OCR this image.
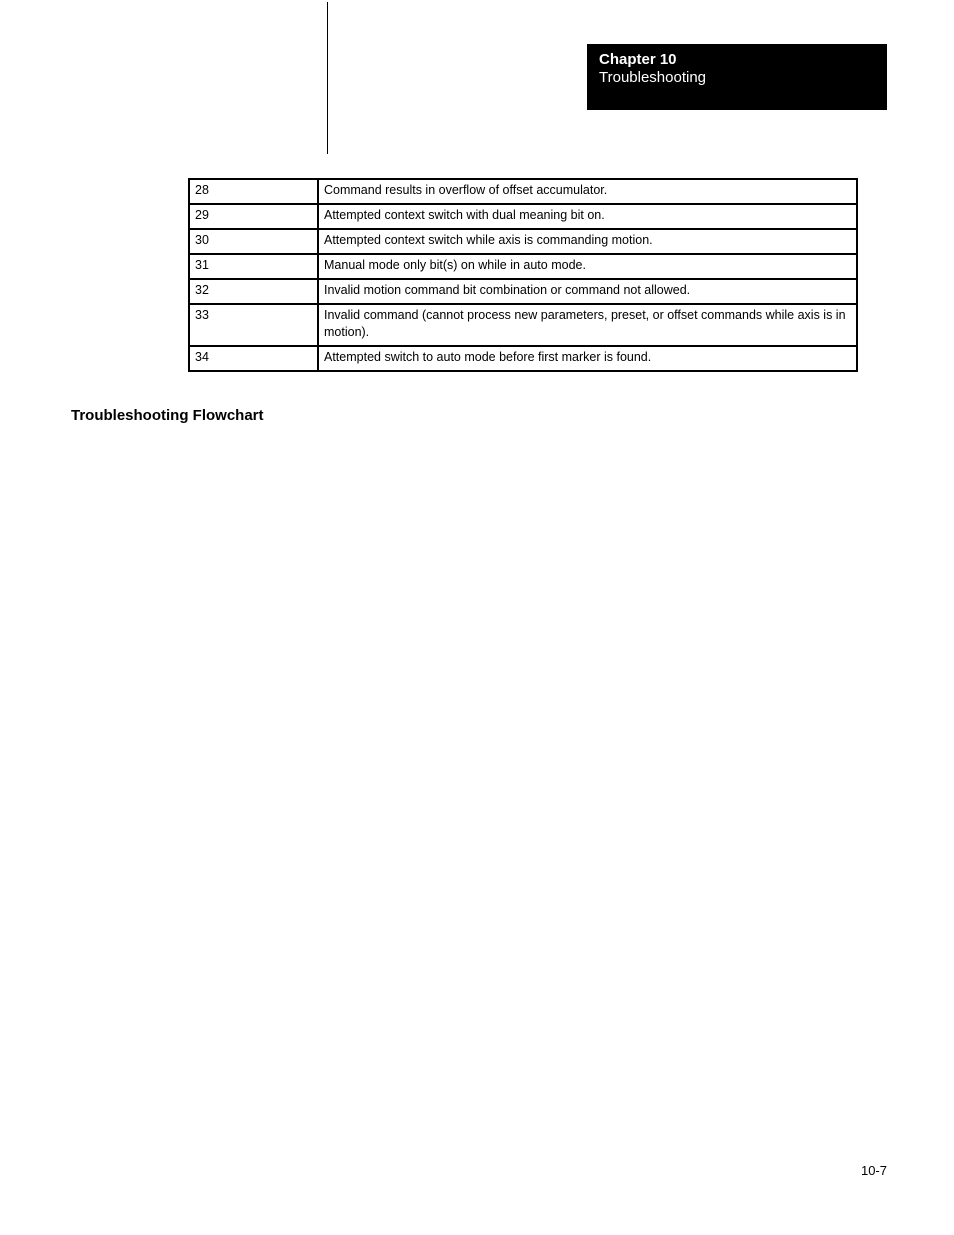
Chapter 10
Troubleshooting
28	Command results in overflow of offset accumulator.
29	Attempted context switch with dual meaning bit on.
30	Attempted context switch while axis is commanding motion.
31	Manual mode only bit(s) on while in auto mode.
32	Invalid motion command bit combination or command not allowed.
33	Invalid command (cannot process new parameters, preset, or offset commands while axis is in motion).
34	Attempted switch to auto mode before first marker is found.
Troubleshooting Flowchart
10-7
